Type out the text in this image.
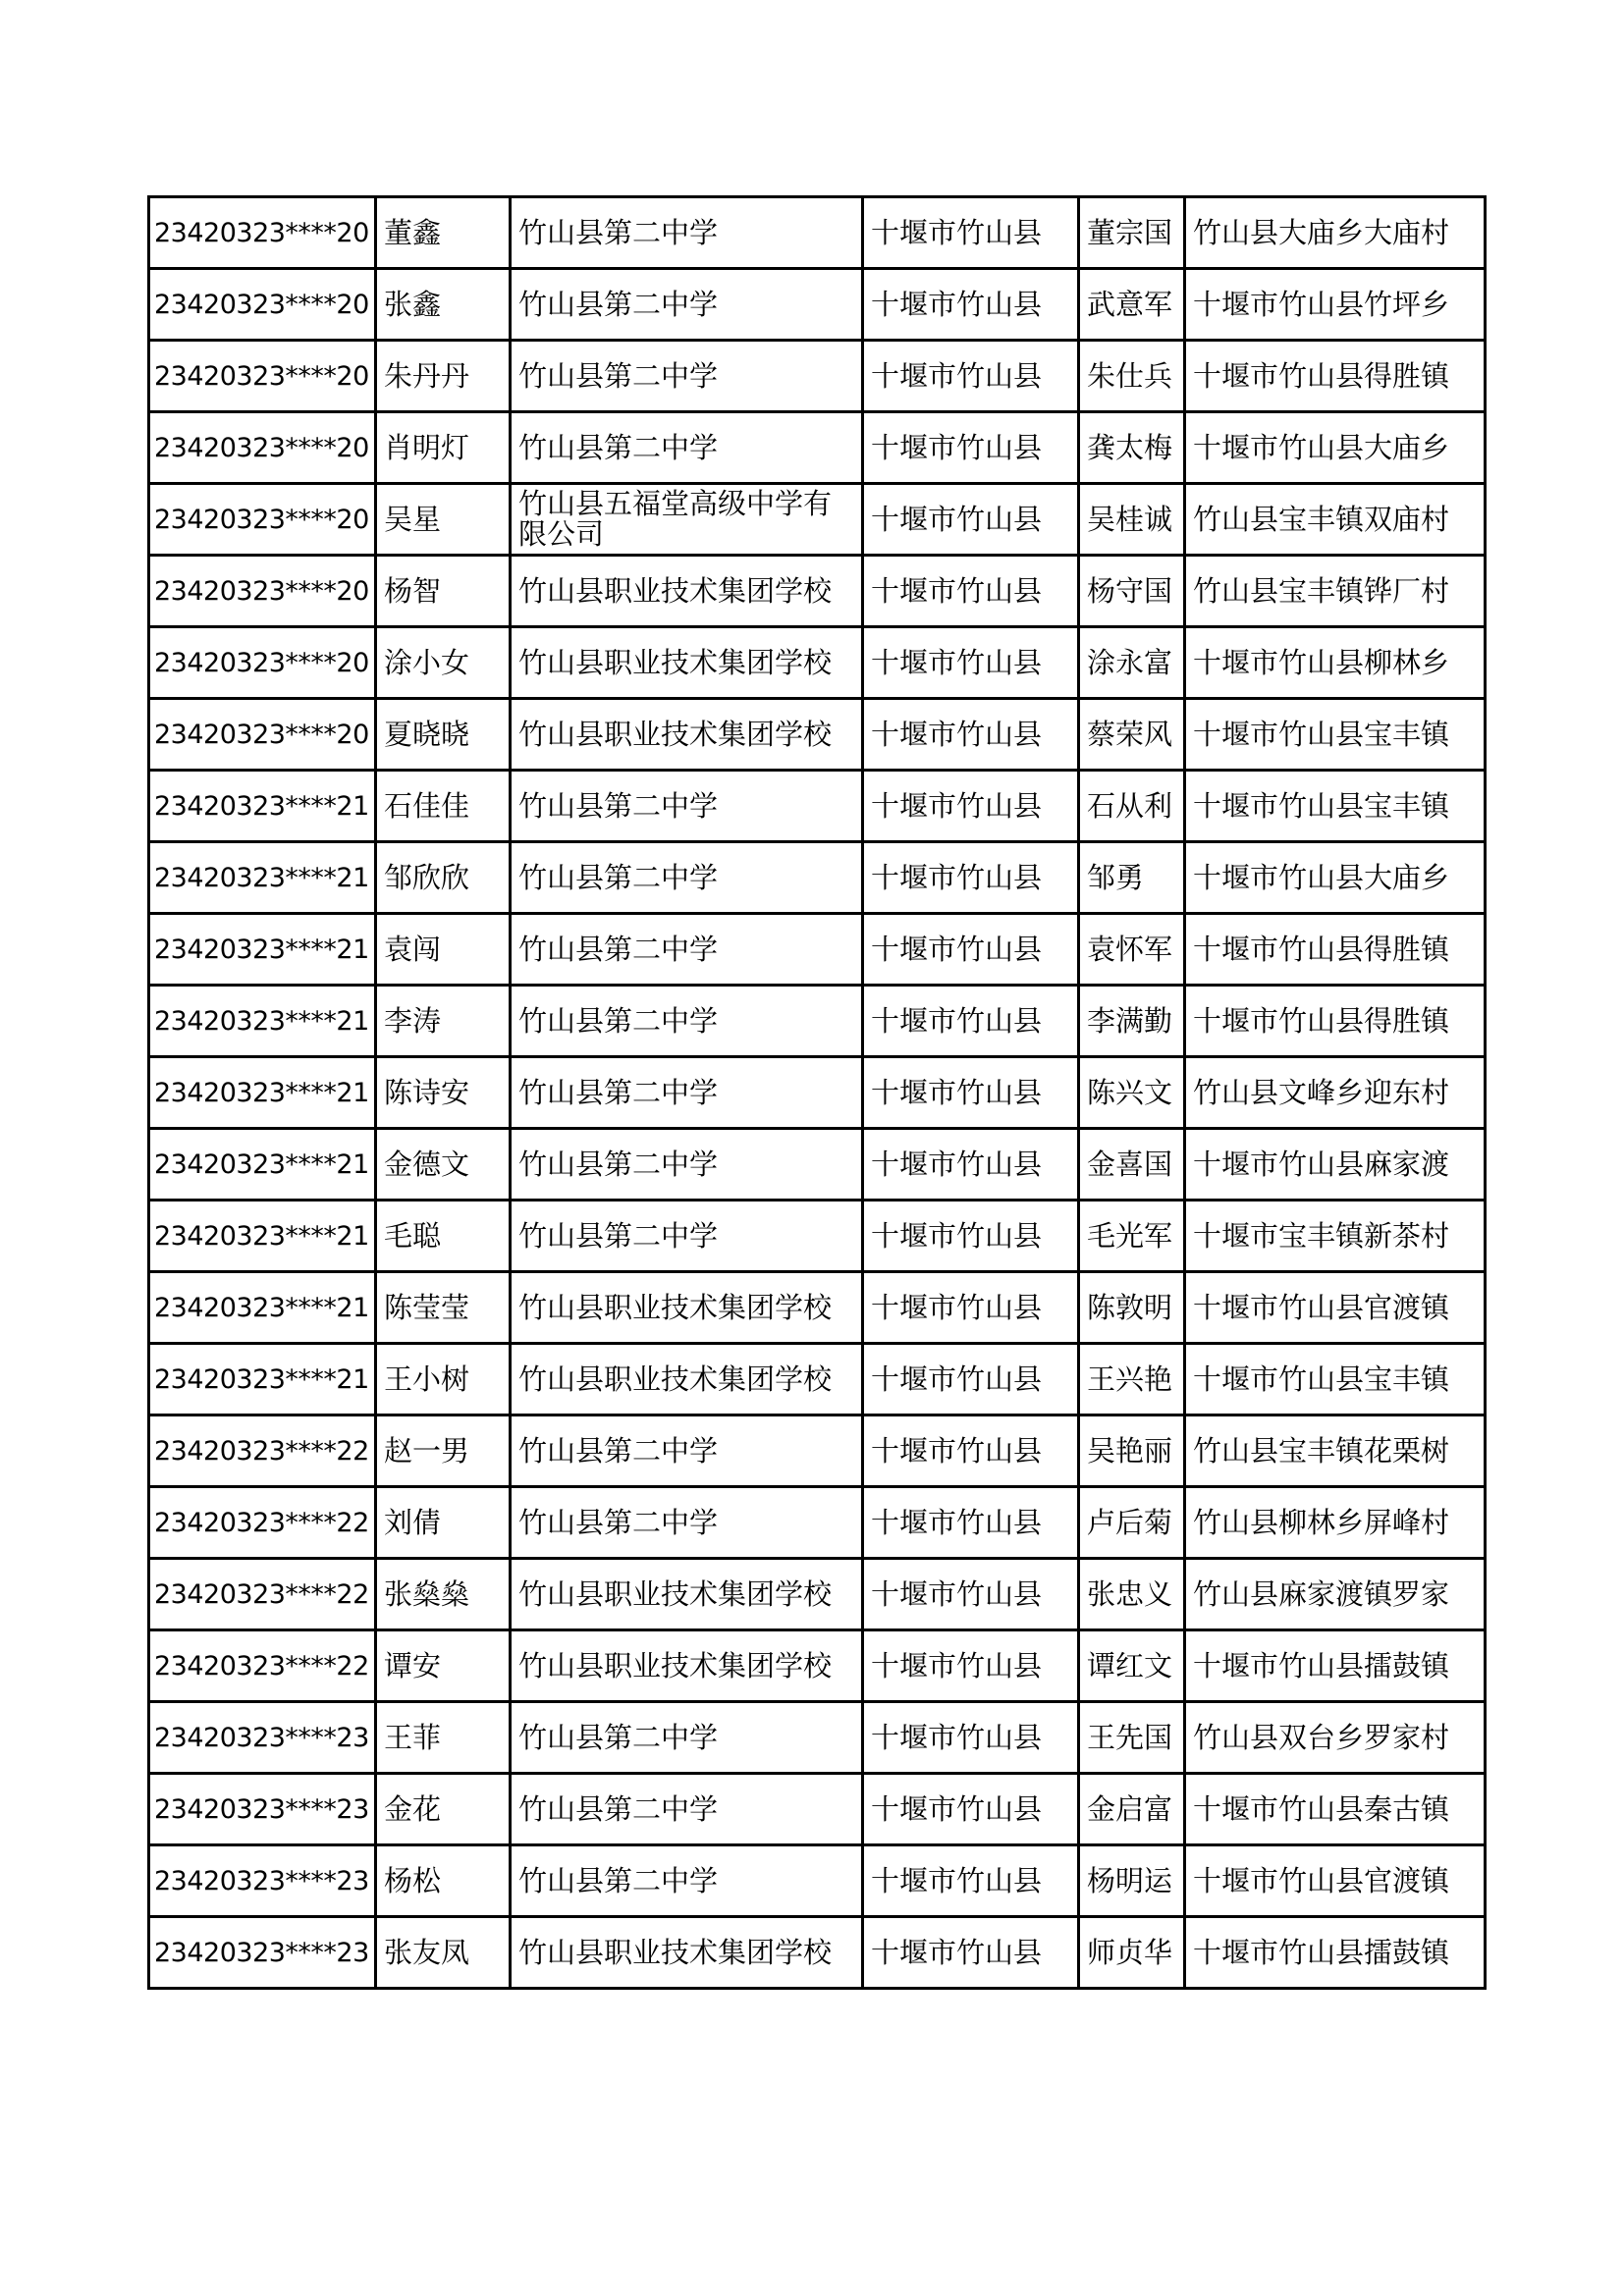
23420323****20	董鑫	竹山县第二中学	十堰市竹山县	董宗国	竹山县大庙乡大庙村
23420323****20	张鑫	竹山县第二中学	十堰市竹山县	武意军	十堰市竹山县竹坪乡
23420323****20	朱丹丹	竹山县第二中学	十堰市竹山县	朱仕兵	十堰市竹山县得胜镇
23420323****20	肖明灯	竹山县第二中学	十堰市竹山县	龚太梅	十堰市竹山县大庙乡
23420323****20	吴星	竹山县五福堂高级中学有限公司	十堰市竹山县	吴桂诚	竹山县宝丰镇双庙村
23420323****20	杨智	竹山县职业技术集团学校	十堰市竹山县	杨守国	竹山县宝丰镇铧厂村
23420323****20	涂小女	竹山县职业技术集团学校	十堰市竹山县	涂永富	十堰市竹山县柳林乡
23420323****20	夏晓晓	竹山县职业技术集团学校	十堰市竹山县	蔡荣风	十堰市竹山县宝丰镇
23420323****21	石佳佳	竹山县第二中学	十堰市竹山县	石从利	十堰市竹山县宝丰镇
23420323****21	邹欣欣	竹山县第二中学	十堰市竹山县	邹勇	十堰市竹山县大庙乡
23420323****21	袁闯	竹山县第二中学	十堰市竹山县	袁怀军	十堰市竹山县得胜镇
23420323****21	李涛	竹山县第二中学	十堰市竹山县	李满勤	十堰市竹山县得胜镇
23420323****21	陈诗安	竹山县第二中学	十堰市竹山县	陈兴文	竹山县文峰乡迎东村
23420323****21	金德文	竹山县第二中学	十堰市竹山县	金喜国	十堰市竹山县麻家渡
23420323****21	毛聪	竹山县第二中学	十堰市竹山县	毛光军	十堰市宝丰镇新茶村
23420323****21	陈莹莹	竹山县职业技术集团学校	十堰市竹山县	陈敦明	十堰市竹山县官渡镇
23420323****21	王小树	竹山县职业技术集团学校	十堰市竹山县	王兴艳	十堰市竹山县宝丰镇
23420323****22	赵一男	竹山县第二中学	十堰市竹山县	吴艳丽	竹山县宝丰镇花栗树
23420323****22	刘倩	竹山县第二中学	十堰市竹山县	卢后菊	竹山县柳林乡屏峰村
23420323****22	张燊燊	竹山县职业技术集团学校	十堰市竹山县	张忠义	竹山县麻家渡镇罗家
23420323****22	谭安	竹山县职业技术集团学校	十堰市竹山县	谭红文	十堰市竹山县擂鼓镇
23420323****23	王菲	竹山县第二中学	十堰市竹山县	王先国	竹山县双台乡罗家村
23420323****23	金花	竹山县第二中学	十堰市竹山县	金启富	十堰市竹山县秦古镇
23420323****23	杨松	竹山县第二中学	十堰市竹山县	杨明运	十堰市竹山县官渡镇
23420323****23	张友凤	竹山县职业技术集团学校	十堰市竹山县	师贞华	十堰市竹山县擂鼓镇
